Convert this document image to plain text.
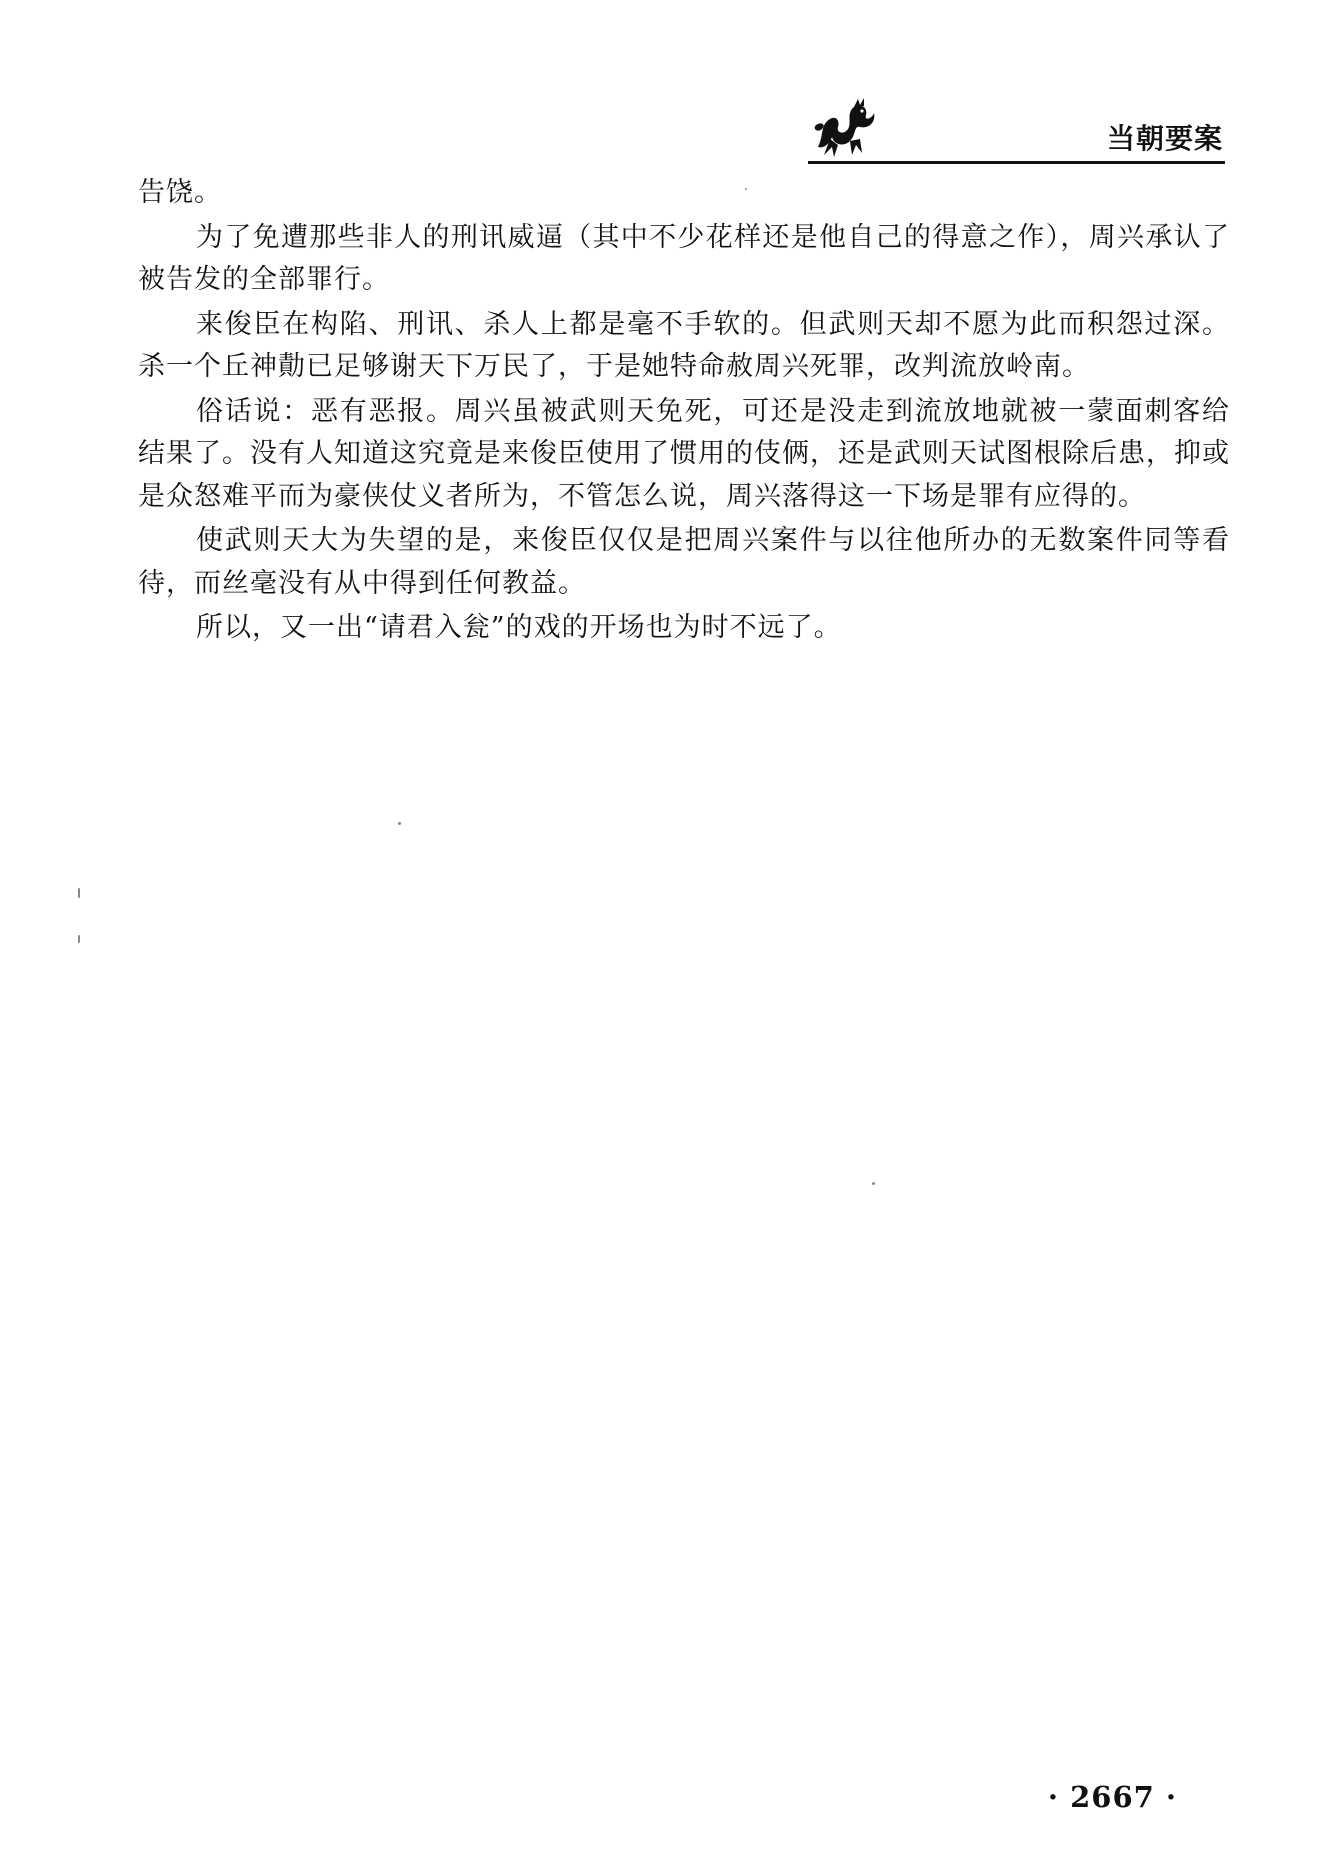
当朝要案

告饶。

为了免遭那些非人的刑讯威逼（其中不少花样还是他自己的得意之作），周兴承认了被告发的全部罪行。

来俊臣在构陷、刑讯、杀人上都是毫不手软的。但武则天却不愿为此而积怨过深。杀一个丘神勣已足够谢天下万民了，于是她特命赦周兴死罪，改判流放岭南。

俗话说：恶有恶报。周兴虽被武则天免死，可还是没走到流放地就被一蒙面刺客给结果了。没有人知道这究竟是来俊臣使用了惯用的伎俩，还是武则天试图根除后患，抑或是众怒难平而为豪侠仗义者所为，不管怎么说，周兴落得这一下场是罪有应得的。

使武则天大为失望的是，来俊臣仅仅是把周兴案件与以往他所办的无数案件同等看待，而丝毫没有从中得到任何教益。

所以，又一出“请君入瓮”的戏的开场也为时不远了。

· 2667 ·
